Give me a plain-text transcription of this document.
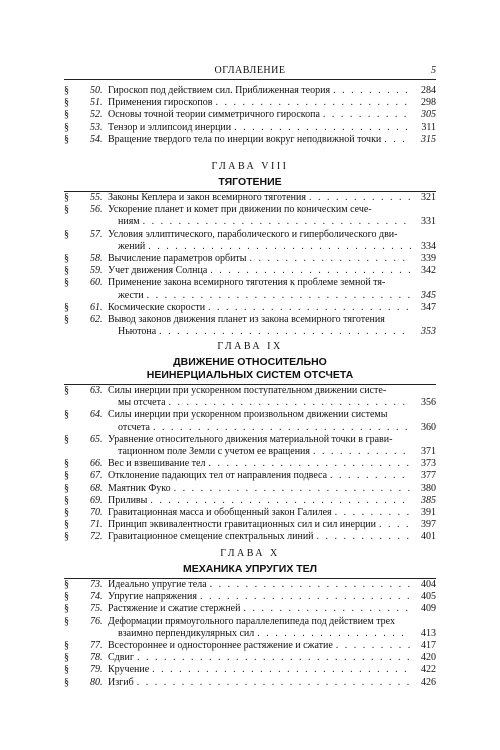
ОГЛАВЛЕНИЕ	5
§	50. Гироскоп под действием сил. Приближенная теория . . .	284
§	51. Применения гироскопов . . .	298
§	52. Основы точной теории симметричного гироскопа . . .	305
§	53. Тензор и эллипсоид инерции . . .	311
§	54. Вращение твердого тела по инерции вокруг неподвижной точки . . .	315
ГЛАВА VIII
ТЯГОТЕНИЕ
§	55. Законы Кеплера и закон всемирного тяготения . . .	321
§	56. Ускорение планет и комет при движении по коническим сече-
ниям . . .	331
§	57. Условия эллиптического, параболического и гиперболического дви-
жений . . .	334
§	58. Вычисление параметров орбиты . . .	339
§	59. Учет движения Солнца . . .	342
§	60. Применение закона всемирного тяготения к проблеме земной тя-
жести . . .	345
§	61. Космические скорости . . .	347
§	62. Вывод законов движения планет из закона всемирного тяготения
Ньютона . . .	353
ГЛАВА IX
ДВИЖЕНИЕ ОТНОСИТЕЛЬНО
НЕИНЕРЦИАЛЬНЫХ СИСТЕМ ОТСЧЕТА
§	63. Силы инерции при ускоренном поступательном движении систе-
мы отсчета . . .	356
§	64. Силы инерции при ускоренном произвольном движении системы
отсчета . . .	360
§	65. Уравнение относительного движения материальной точки в грави-
тационном поле Земли с учетом ее вращения . . .	371
§	66. Вес и взвешивание тел . . .	373
§	67. Отклонение падающих тел от направления подвеса . . .	377
§	68. Маятник Фуко . . .	380
§	69. Приливы . . .	385
§	70. Гравитационная масса и обобщенный закон Галилея . . .	391
§	71. Принцип эквивалентности гравитационных сил и сил инерции . . .	397
§	72. Гравитационное смещение спектральных линий . . .	401
ГЛАВА X
МЕХАНИКА УПРУГИХ ТЕЛ
§	73. Идеально упругие тела . . .	404
§	74. Упругие напряжения . . .	405
§	75. Растяжение и сжатие стержней . . .	409
§	76. Деформации прямоугольного параллелепипеда под действием трех
взаимно перпендикулярных сил . . .	413
§	77. Всестороннее и одностороннее растяжение и сжатие . . .	417
§	78. Сдвиг . . .	420
§	79. Кручение . . .	422
§	80. Изгиб . . .	426
